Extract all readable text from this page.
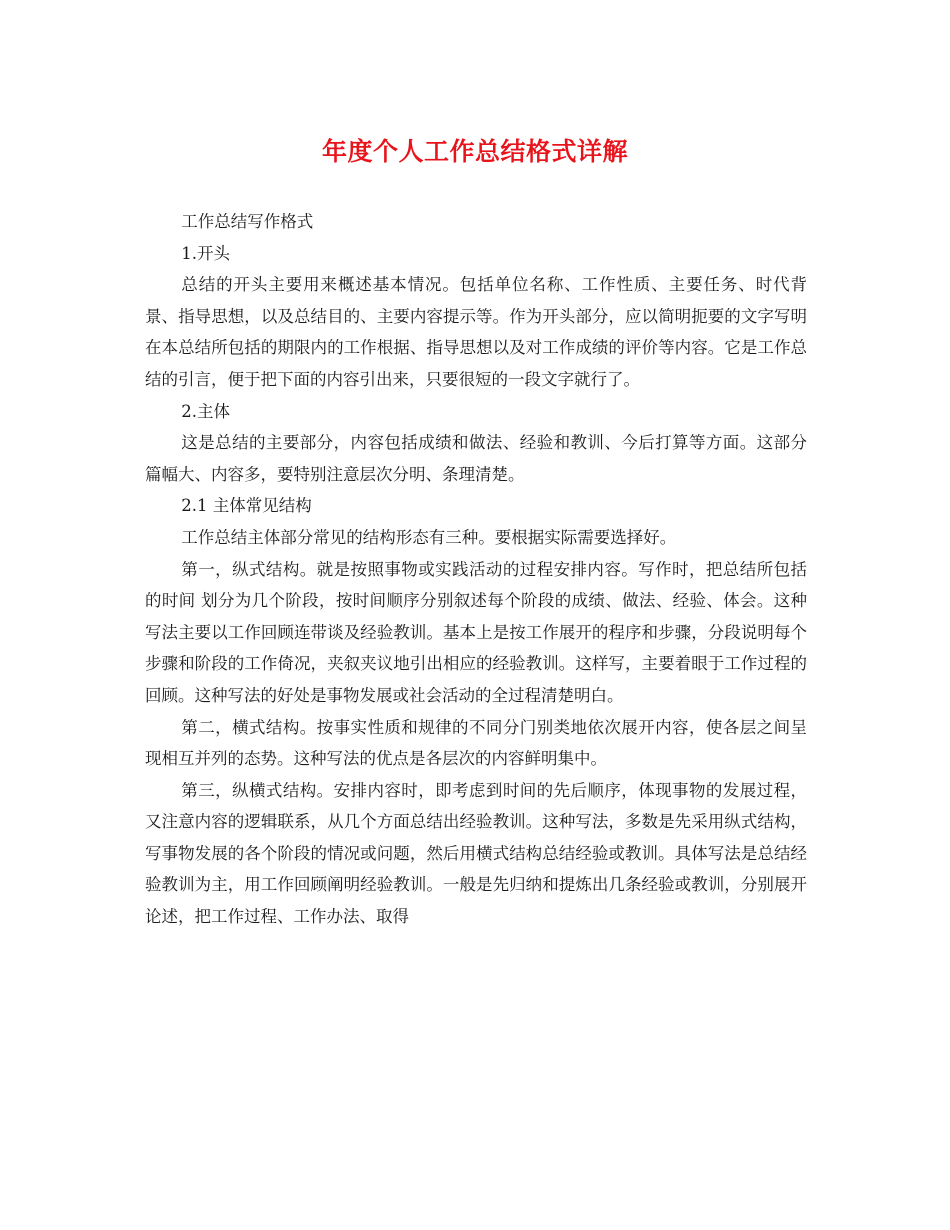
年度个人工作总结格式详解

工作总结写作格式

1.开头

总结的开头主要用来概述基本情况。包括单位名称、工作性质、主要任务、时代背景、指导思想，以及总结目的、主要内容提示等。作为开头部分，应以简明扼要的文字写明在本总结所包括的期限内的工作根据、指导思想以及对工作成绩的评价等内容。它是工作总结的引言，便于把下面的内容引出来，只要很短的一段文字就行了。

2.主体

这是总结的主要部分，内容包括成绩和做法、经验和教训、今后打算等方面。这部分篇幅大、内容多，要特别注意层次分明、条理清楚。

2.1 主体常见结构

工作总结主体部分常见的结构形态有三种。要根据实际需要选择好。

第一，纵式结构。就是按照事物或实践活动的过程安排内容。写作时，把总结所包括的时间 划分为几个阶段，按时间顺序分别叙述每个阶段的成绩、做法、经验、体会。这种写法主要以工作回顾连带谈及经验教训。基本上是按工作展开的程序和步骤，分段说明每个步骤和阶段的工作倚况，夹叙夹议地引出相应的经验教训。这样写，主要着眼于工作过程的回顾。这种写法的好处是事物发展或社会活动的全过程清楚明白。

第二，横式结构。按事实性质和规律的不同分门别类地依次展开内容，使各层之间呈现相互并列的态势。这种写法的优点是各层次的内容鲜明集中。

第三，纵横式结构。安排内容时，即考虑到时间的先后顺序，体现事物的发展过程，又注意内容的逻辑联系，从几个方面总结出经验教训。这种写法，多数是先采用纵式结构，写事物发展的各个阶段的情况或问题，然后用横式结构总结经验或教训。具体写法是总结经验教训为主，用工作回顾阐明经验教训。一般是先归纳和提炼出几条经验或教训，分别展开论述，把工作过程、工作办法、取得
